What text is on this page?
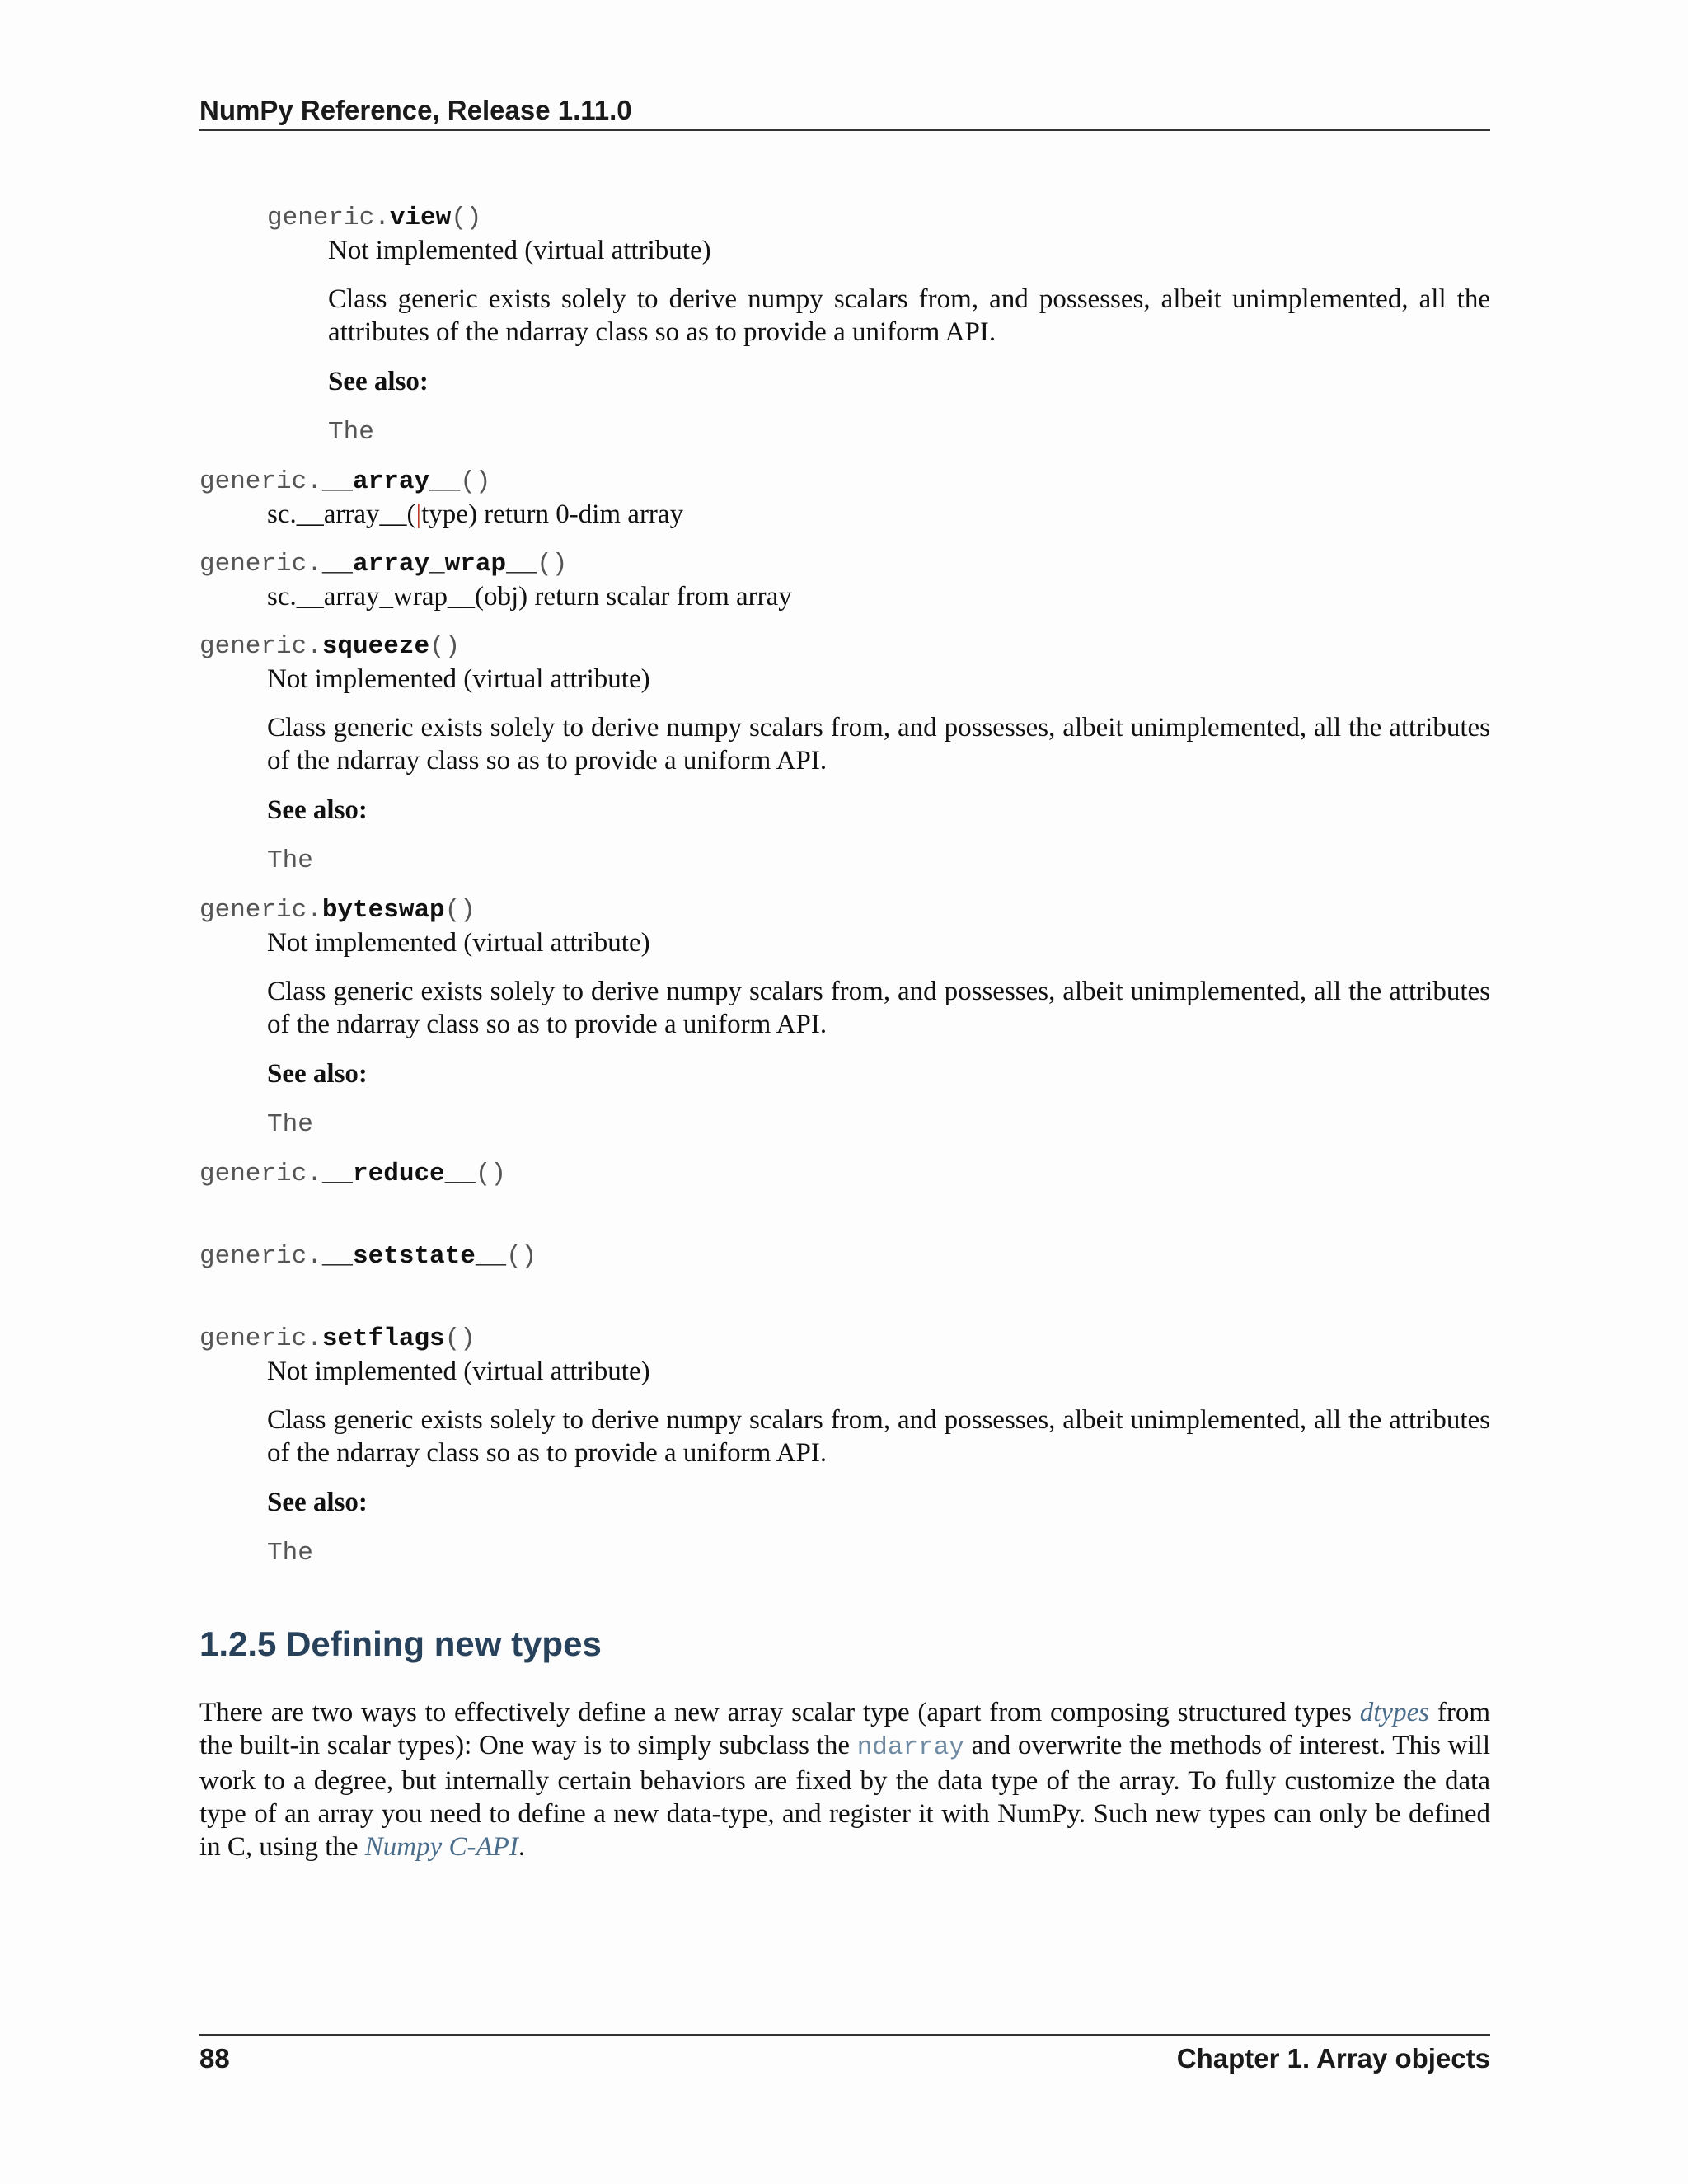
NumPy Reference, Release 1.11.0
generic.view()
Not implemented (virtual attribute)
Class generic exists solely to derive numpy scalars from, and possesses, albeit unimplemented, all the attributes of the ndarray class so as to provide a uniform API.
See also:
The
generic.__array__()
sc.__array__(|type) return 0-dim array
generic.__array_wrap__()
sc.__array_wrap__(obj) return scalar from array
generic.squeeze()
Not implemented (virtual attribute)
Class generic exists solely to derive numpy scalars from, and possesses, albeit unimplemented, all the attributes of the ndarray class so as to provide a uniform API.
See also:
The
generic.byteswap()
Not implemented (virtual attribute)
Class generic exists solely to derive numpy scalars from, and possesses, albeit unimplemented, all the attributes of the ndarray class so as to provide a uniform API.
See also:
The
generic.__reduce__()
generic.__setstate__()
generic.setflags()
Not implemented (virtual attribute)
Class generic exists solely to derive numpy scalars from, and possesses, albeit unimplemented, all the attributes of the ndarray class so as to provide a uniform API.
See also:
The
1.2.5 Defining new types
There are two ways to effectively define a new array scalar type (apart from composing structured types dtypes from the built-in scalar types): One way is to simply subclass the ndarray and overwrite the methods of interest. This will work to a degree, but internally certain behaviors are fixed by the data type of the array. To fully customize the data type of an array you need to define a new data-type, and register it with NumPy. Such new types can only be defined in C, using the Numpy C-API.
88	Chapter 1. Array objects
